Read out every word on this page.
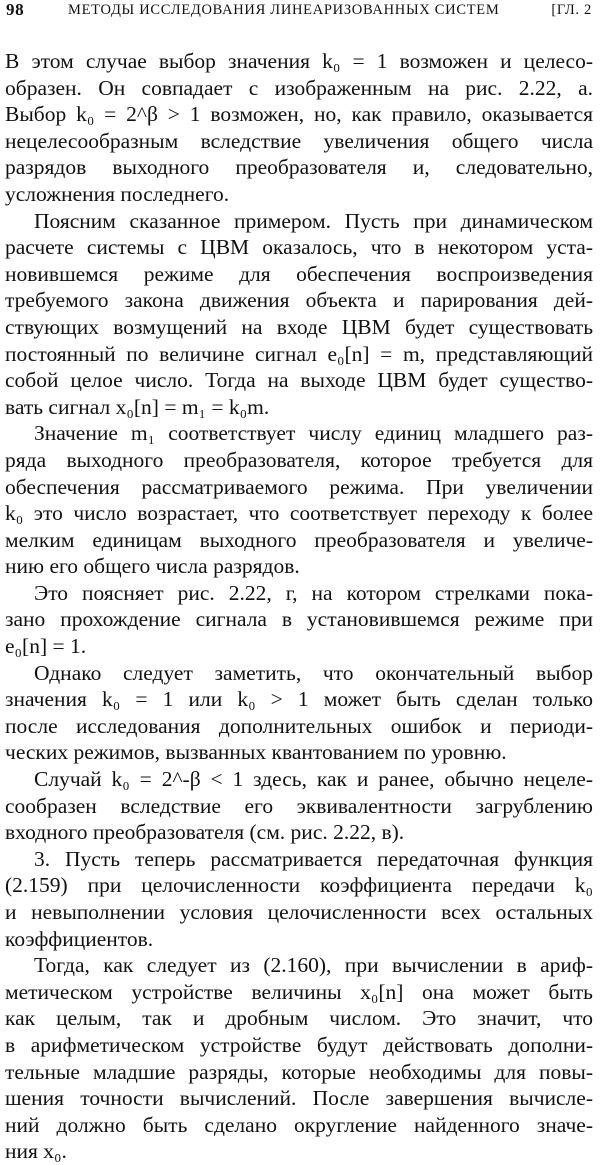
98	МЕТОДЫ ИССЛЕДОВАНИЯ ЛИНЕАРИЗОВАННЫХ СИСТЕМ	[ГЛ. 2
В этом случае выбор значения k₀ = 1 возможен и целесо-
образен. Он совпадает с изображенным на рис. 2.22, а.
Выбор k₀ = 2^β > 1 возможен, но, как правило, оказывается
нецелесообразным вследствие увеличения общего числа
разрядов выходного преобразователя и, следовательно,
усложнения последнего.
Поясним сказанное примером. Пусть при динамическом
расчете системы с ЦВМ оказалось, что в некотором уста-
новившемся режиме для обеспечения воспроизведения
требуемого закона движения объекта и парирования дей-
ствующих возмущений на входе ЦВМ будет существовать
постоянный по величине сигнал e₀[n] = m, представляющий
собой целое число. Тогда на выходе ЦВМ будет существо-
вать сигнал x₀[n] = m₁ = k₀m.
Значение m₁ соответствует числу единиц младшего раз-
ряда выходного преобразователя, которое требуется для
обеспечения рассматриваемого режима. При увеличении
k₀ это число возрастает, что соответствует переходу к более
мелким единицам выходного преобразователя и увеличе-
нию его общего числа разрядов.
Это поясняет рис. 2.22, г, на котором стрелками пока-
зано прохождение сигнала в установившемся режиме при
e₀[n] = 1.
Однако следует заметить, что окончательный выбор
значения k₀ = 1 или k₀ > 1 может быть сделан только
после исследования дополнительных ошибок и периоди-
ческих режимов, вызванных квантованием по уровню.
Случай k₀ = 2^-β < 1 здесь, как и ранее, обычно нецеле-
сообразен вследствие его эквивалентности загрублению
входного преобразователя (см. рис. 2.22, в).
3. Пусть теперь рассматривается передаточная функция
(2.159) при целочисленности коэффициента передачи k₀
и невыполнении условия целочисленности всех остальных
коэффициентов.
Тогда, как следует из (2.160), при вычислении в ариф-
метическом устройстве величины x₀[n] она может быть
как целым, так и дробным числом. Это значит, что
в арифметическом устройстве будут действовать дополни-
тельные младшие разряды, которые необходимы для повы-
шения точности вычислений. После завершения вычисле-
ний должно быть сделано округление найденного значе-
ния x₀.
